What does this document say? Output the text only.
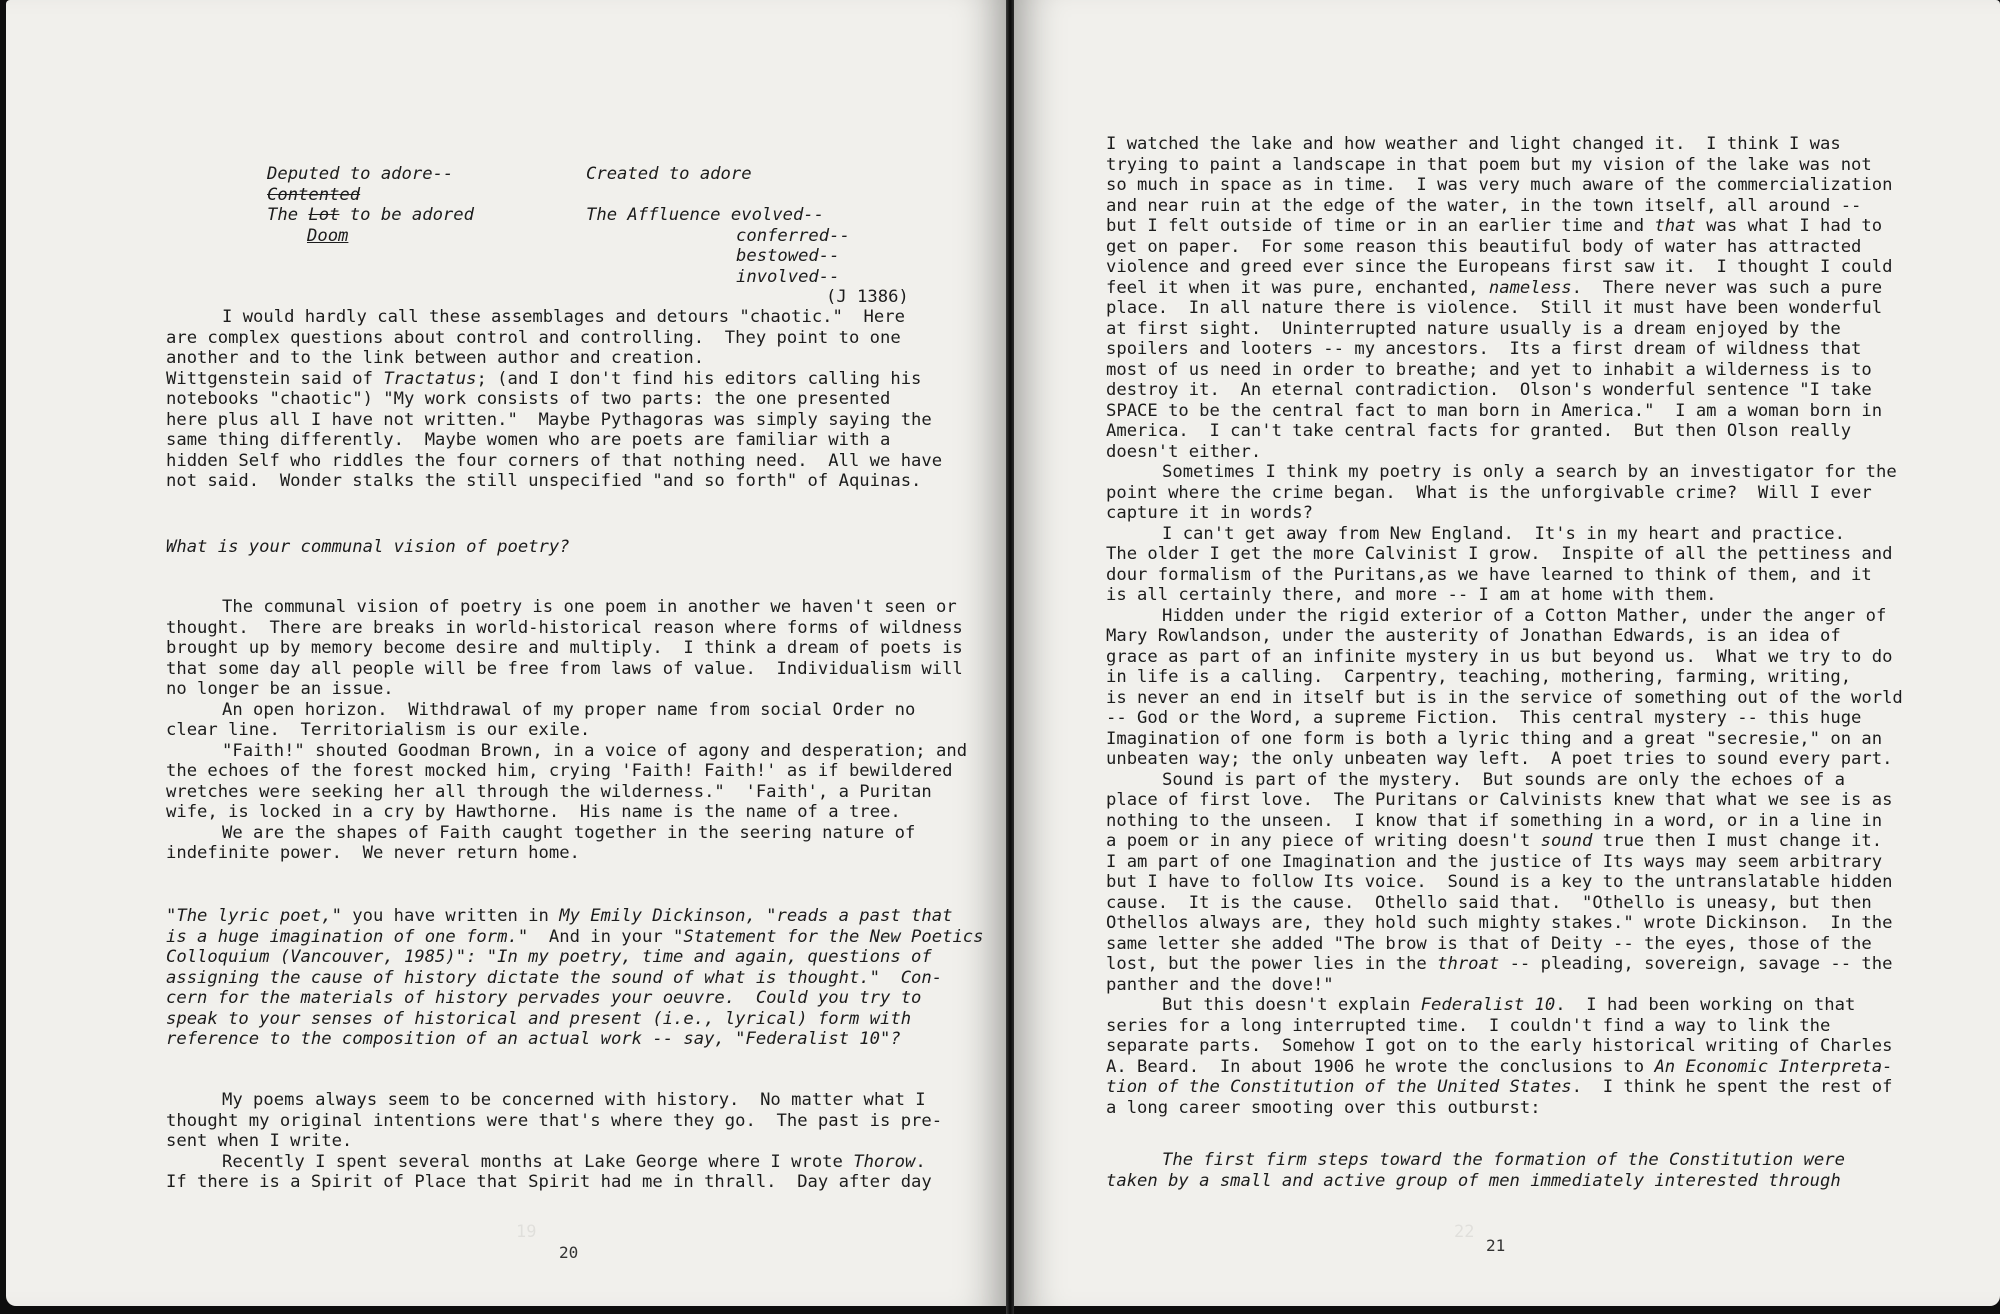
19
Deputed to adore--
Contented
The Lot to be adored
Doom
Created to adore
The Affluence evolved--
conferred--
bestowed--
involved--
(J 1386)
I would hardly call these assemblages and detours "chaotic."  Here
are complex questions about control and controlling.  They point to one
another and to the link between author and creation.
Wittgenstein said of Tractatus; (and I don't find his editors calling his
notebooks "chaotic") "My work consists of two parts: the one presented
here plus all I have not written."  Maybe Pythagoras was simply saying the
same thing differently.  Maybe women who are poets are familiar with a
hidden Self who riddles the four corners of that nothing need.  All we have
not said.  Wonder stalks the still unspecified "and so forth" of Aquinas.
What is your communal vision of poetry?
The communal vision of poetry is one poem in another we haven't seen or
thought.  There are breaks in world-historical reason where forms of wildness
brought up by memory become desire and multiply.  I think a dream of poets is
that some day all people will be free from laws of value.  Individualism will
no longer be an issue.
An open horizon.  Withdrawal of my proper name from social Order no
clear line.  Territorialism is our exile.
"Faith!" shouted Goodman Brown, in a voice of agony and desperation; and
the echoes of the forest mocked him, crying 'Faith! Faith!' as if bewildered
wretches were seeking her all through the wilderness."  'Faith', a Puritan
wife, is locked in a cry by Hawthorne.  His name is the name of a tree.
We are the shapes of Faith caught together in the seering nature of
indefinite power.  We never return home.
"The lyric poet," you have written in My Emily Dickinson, "reads a past that
is a huge imagination of one form."  And in your "Statement for the New Poetics
Colloquium (Vancouver, 1985)": "In my poetry, time and again, questions of
assigning the cause of history dictate the sound of what is thought."  Con-
cern for the materials of history pervades your oeuvre.  Could you try to
speak to your senses of historical and present (i.e., lyrical) form with
reference to the composition of an actual work -- say, "Federalist 10"?
My poems always seem to be concerned with history.  No matter what I
thought my original intentions were that's where they go.  The past is pre-
sent when I write.
Recently I spent several months at Lake George where I wrote Thorow.
If there is a Spirit of Place that Spirit had me in thrall.  Day after day
20
22
I watched the lake and how weather and light changed it.  I think I was
trying to paint a landscape in that poem but my vision of the lake was not
so much in space as in time.  I was very much aware of the commercialization
and near ruin at the edge of the water, in the town itself, all around --
but I felt outside of time or in an earlier time and that was what I had to
get on paper.  For some reason this beautiful body of water has attracted
violence and greed ever since the Europeans first saw it.  I thought I could
feel it when it was pure, enchanted, nameless.  There never was such a pure
place.  In all nature there is violence.  Still it must have been wonderful
at first sight.  Uninterrupted nature usually is a dream enjoyed by the
spoilers and looters -- my ancestors.  Its a first dream of wildness that
most of us need in order to breathe; and yet to inhabit a wilderness is to
destroy it.  An eternal contradiction.  Olson's wonderful sentence "I take
SPACE to be the central fact to man born in America."  I am a woman born in
America.  I can't take central facts for granted.  But then Olson really
doesn't either.
Sometimes I think my poetry is only a search by an investigator for the
point where the crime began.  What is the unforgivable crime?  Will I ever
capture it in words?
I can't get away from New England.  It's in my heart and practice.
The older I get the more Calvinist I grow.  Inspite of all the pettiness and
dour formalism of the Puritans,as we have learned to think of them, and it
is all certainly there, and more -- I am at home with them.
Hidden under the rigid exterior of a Cotton Mather, under the anger of
Mary Rowlandson, under the austerity of Jonathan Edwards, is an idea of
grace as part of an infinite mystery in us but beyond us.  What we try to do
in life is a calling.  Carpentry, teaching, mothering, farming, writing,
is never an end in itself but is in the service of something out of the world
-- God or the Word, a supreme Fiction.  This central mystery -- this huge
Imagination of one form is both a lyric thing and a great "secresie," on an
unbeaten way; the only unbeaten way left.  A poet tries to sound every part.
Sound is part of the mystery.  But sounds are only the echoes of a
place of first love.  The Puritans or Calvinists knew that what we see is as
nothing to the unseen.  I know that if something in a word, or in a line in
a poem or in any piece of writing doesn't sound true then I must change it.
I am part of one Imagination and the justice of Its ways may seem arbitrary
but I have to follow Its voice.  Sound is a key to the untranslatable hidden
cause.  It is the cause.  Othello said that.  "Othello is uneasy, but then
Othellos always are, they hold such mighty stakes." wrote Dickinson.  In the
same letter she added "The brow is that of Deity -- the eyes, those of the
lost, but the power lies in the throat -- pleading, sovereign, savage -- the
panther and the dove!"
But this doesn't explain Federalist 10.  I had been working on that
series for a long interrupted time.  I couldn't find a way to link the
separate parts.  Somehow I got on to the early historical writing of Charles
A. Beard.  In about 1906 he wrote the conclusions to An Economic Interpreta-
tion of the Constitution of the United States.  I think he spent the rest of
a long career smooting over this outburst:
The first firm steps toward the formation of the Constitution were
taken by a small and active group of men immediately interested through
21
